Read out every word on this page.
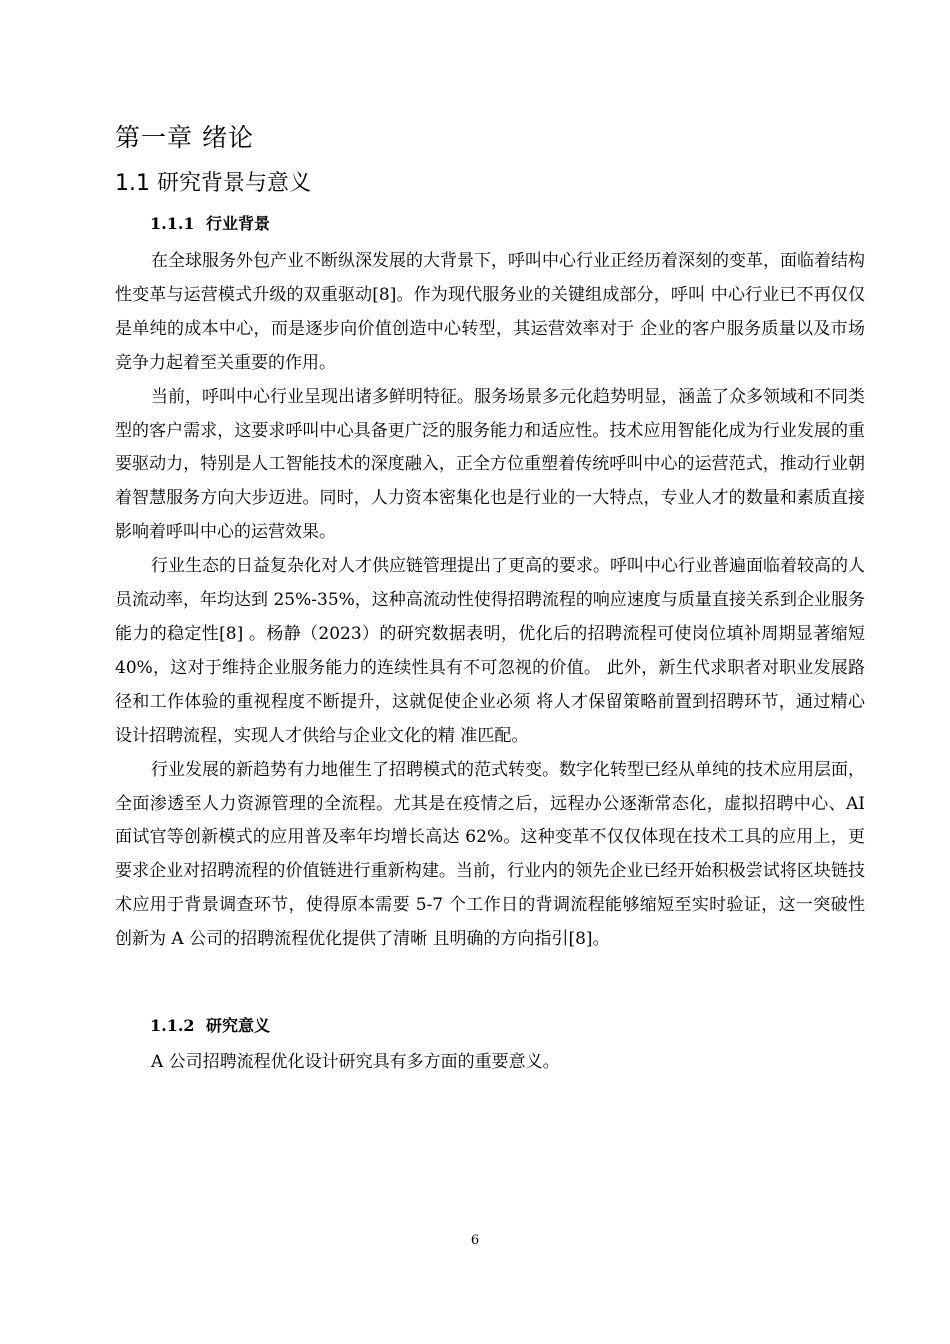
第一章 绪论
1.1 研究背景与意义
1.1.1 行业背景

在全球服务外包产业不断纵深发展的大背景下，呼叫中心行业正经历着深刻的变革，面临着结构性变革与运营模式升级的双重驱动[8]。作为现代服务业的关键组成部分，呼叫 中心行业已不再仅仅是单纯的成本中心，而是逐步向价值创造中心转型，其运营效率对于 企业的客户服务质量以及市场竞争力起着至关重要的作用。

当前，呼叫中心行业呈现出诸多鲜明特征。服务场景多元化趋势明显，涵盖了众多领域和不同类型的客户需求，这要求呼叫中心具备更广泛的服务能力和适应性。技术应用智能化成为行业发展的重要驱动力，特别是人工智能技术的深度融入，正全方位重塑着传统呼叫中心的运营范式，推动行业朝着智慧服务方向大步迈进。同时，人力资本密集化也是行业的一大特点，专业人才的数量和素质直接影响着呼叫中心的运营效果。

行业生态的日益复杂化对人才供应链管理提出了更高的要求。呼叫中心行业普遍面临着较高的人员流动率，年均达到 25%-35%，这种高流动性使得招聘流程的响应速度与质量直接关系到企业服务能力的稳定性[8] 。杨静（2023）的研究数据表明，优化后的招聘流程可使岗位填补周期显著缩短 40%，这对于维持企业服务能力的连续性具有不可忽视的价值。 此外，新生代求职者对职业发展路径和工作体验的重视程度不断提升，这就促使企业必须 将人才保留策略前置到招聘环节，通过精心设计招聘流程，实现人才供给与企业文化的精 准匹配。

行业发展的新趋势有力地催生了招聘模式的范式转变。数字化转型已经从单纯的技术应用层面，全面渗透至人力资源管理的全流程。尤其是在疫情之后，远程办公逐渐常态化，虚拟招聘中心、AI 面试官等创新模式的应用普及率年均增长高达 62%。这种变革不仅仅体现在技术工具的应用上，更要求企业对招聘流程的价值链进行重新构建。当前，行业内的领先企业已经开始积极尝试将区块链技术应用于背景调查环节，使得原本需要 5-7 个工作日的背调流程能够缩短至实时验证，这一突破性创新为 A 公司的招聘流程优化提供了清晰 且明确的方向指引[8]。

1.1.2 研究意义

A 公司招聘流程优化设计研究具有多方面的重要意义。

6
